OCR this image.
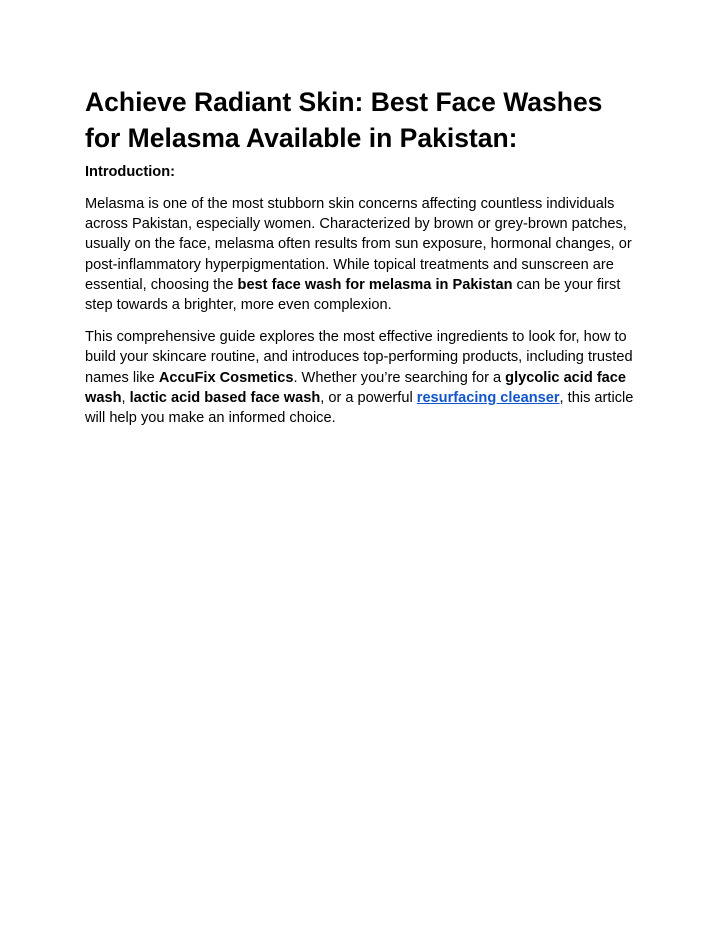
Achieve Radiant Skin: Best Face Washes for Melasma Available in Pakistan:
Introduction:

Melasma is one of the most stubborn skin concerns affecting countless individuals across Pakistan, especially women. Characterized by brown or grey-brown patches, usually on the face, melasma often results from sun exposure, hormonal changes, or post-inflammatory hyperpigmentation. While topical treatments and sunscreen are essential, choosing the best face wash for melasma in Pakistan can be your first step towards a brighter, more even complexion.

This comprehensive guide explores the most effective ingredients to look for, how to build your skincare routine, and introduces top-performing products, including trusted names like AccuFix Cosmetics. Whether you’re searching for a glycolic acid face wash, lactic acid based face wash, or a powerful resurfacing cleanser, this article will help you make an informed choice.
